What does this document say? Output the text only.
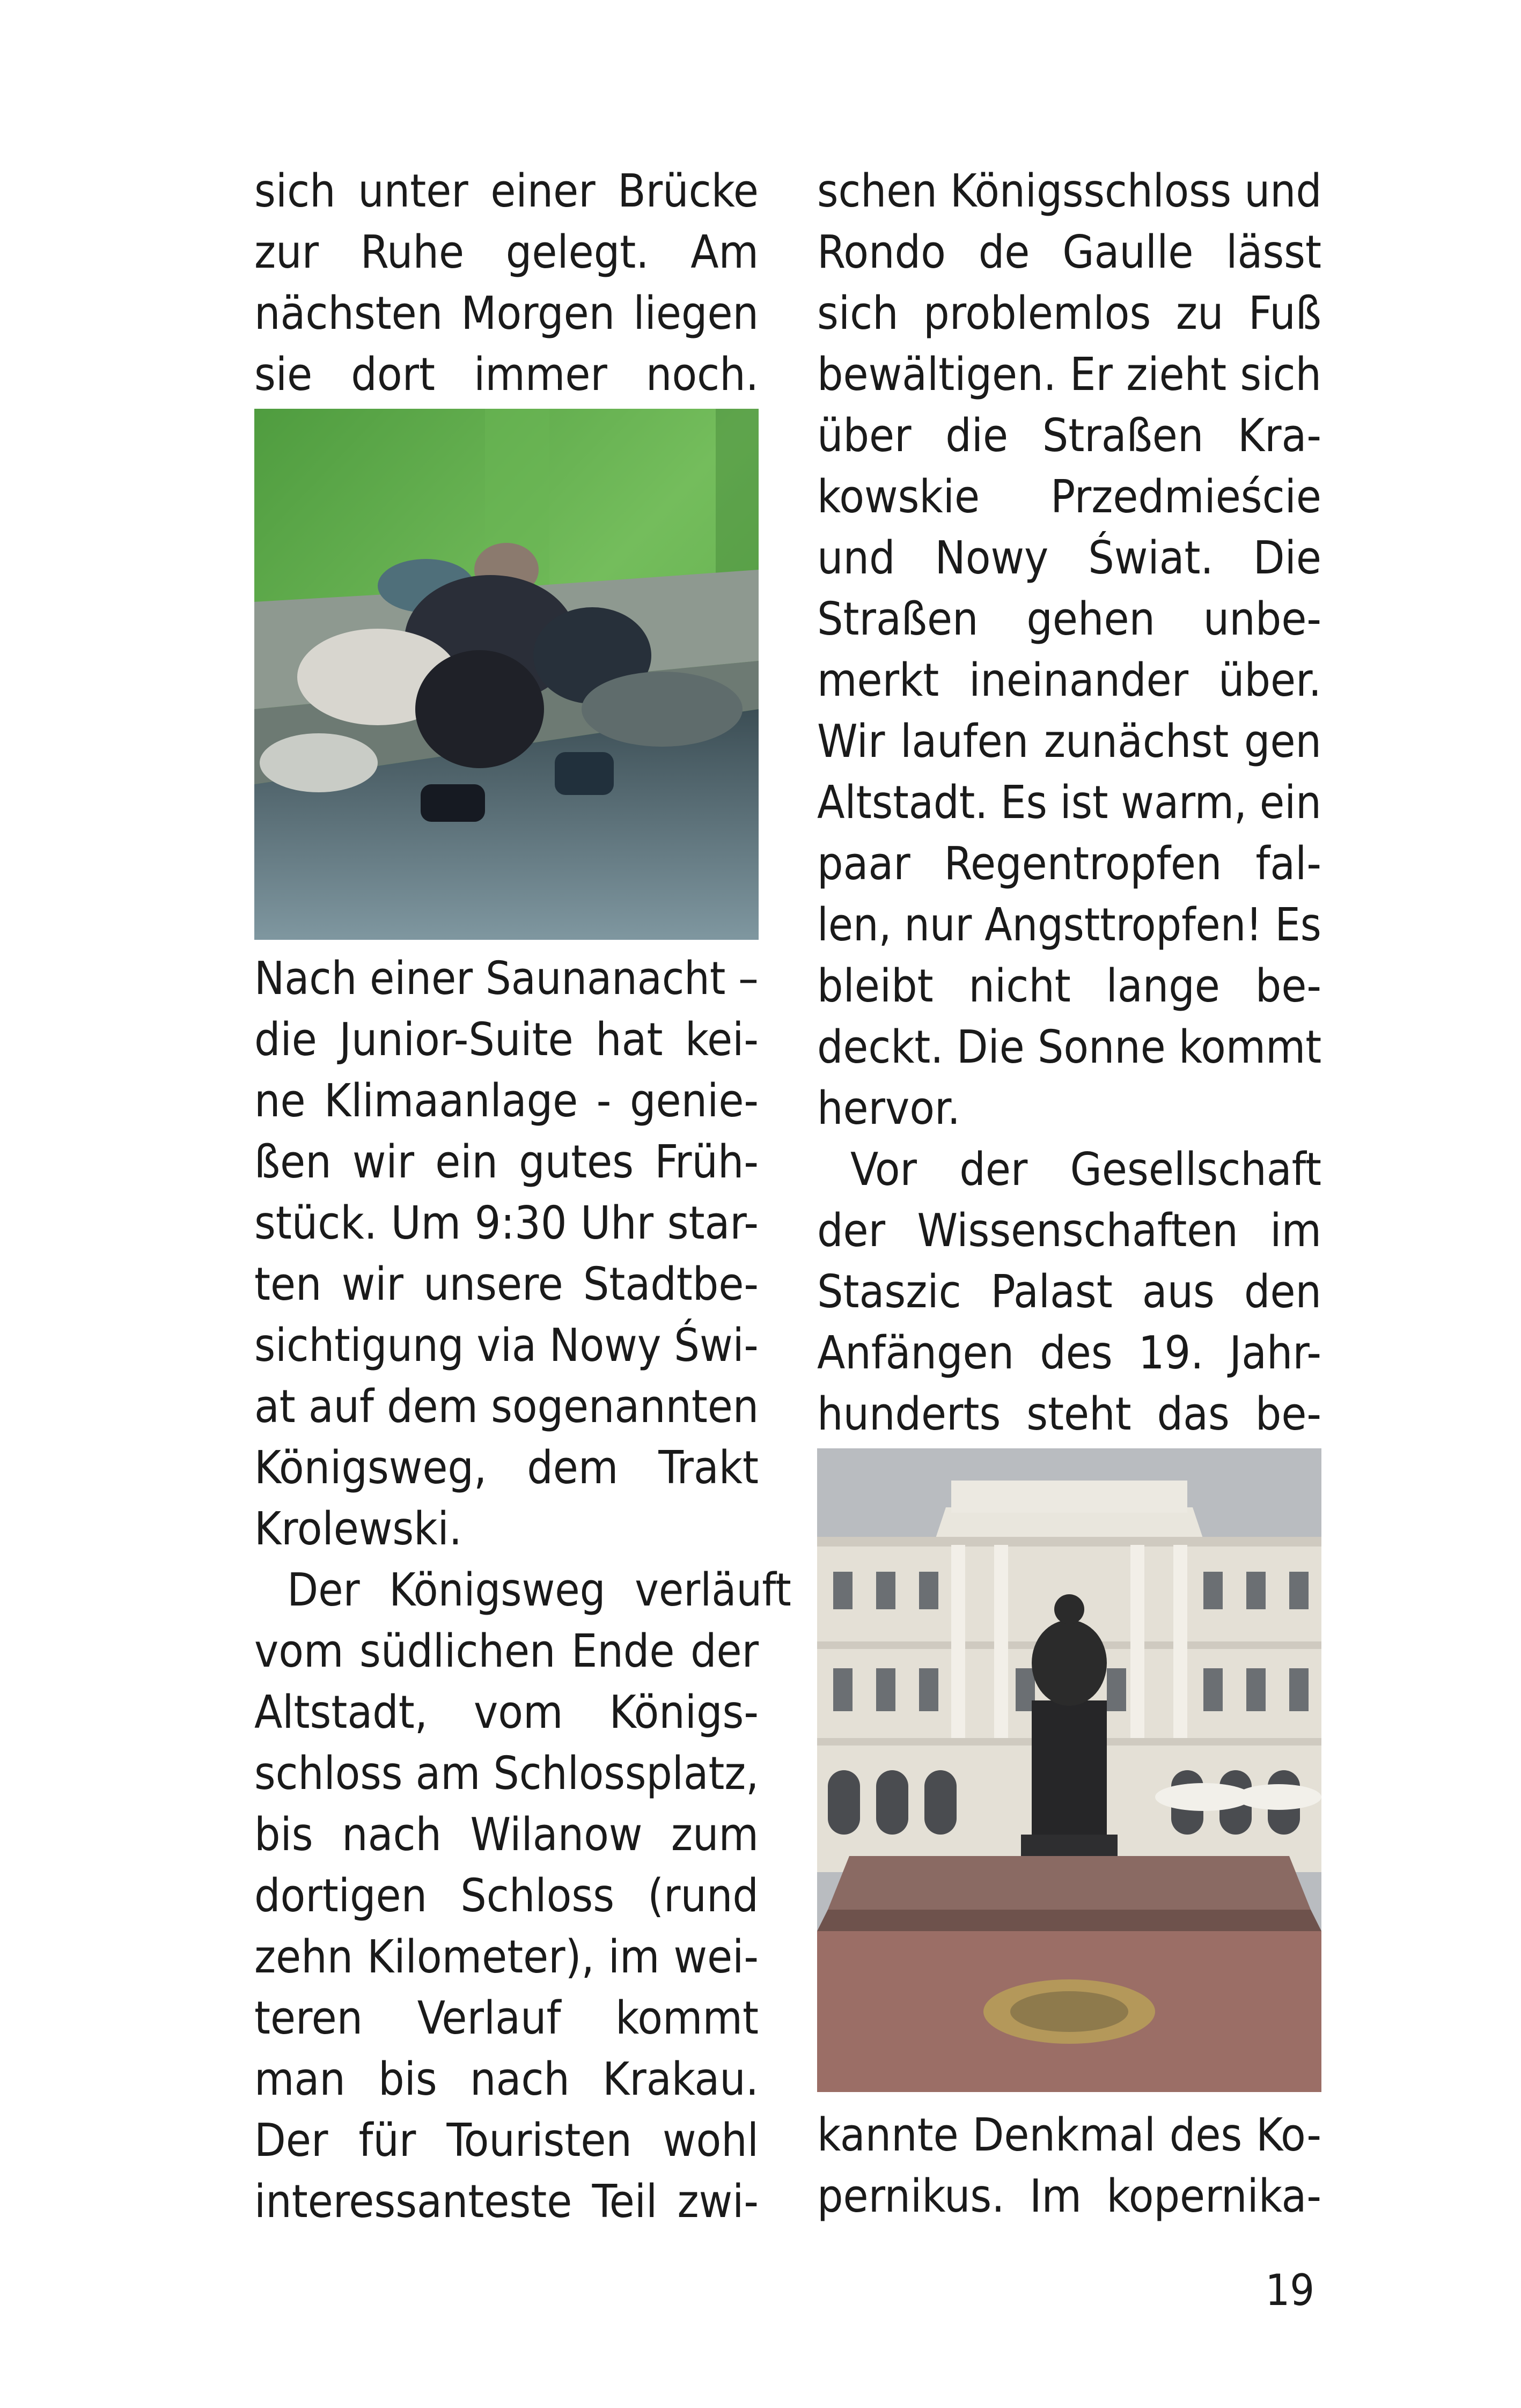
sich unter einer Brücke
zur Ruhe gelegt. Am
nächsten Morgen liegen
sie dort immer noch.
Nach einer Saunanacht –
die Junior-Suite hat kei-
ne Klimaanlage - genie-
ßen wir ein gutes Früh-
stück. Um 9:30 Uhr star-
ten wir unsere Stadtbe-
sichtigung via Nowy Świ-
at auf dem sogenannten
Königsweg, dem Trakt
Krolewski.
Der Königsweg verläuft
vom südlichen Ende der
Altstadt, vom Königs-
schloss am Schlossplatz,
bis nach Wilanow zum
dortigen Schloss (rund
zehn Kilometer), im wei-
teren Verlauf kommt
man bis nach Krakau.
Der für Touristen wohl
interessanteste Teil zwi-
schen Königsschloss und
Rondo de Gaulle lässt
sich problemlos zu Fuß
bewältigen. Er zieht sich
über die Straßen Kra-
kowskie Przedmieście
und Nowy Świat. Die
Straßen gehen unbe-
merkt ineinander über.
Wir laufen zunächst gen
Altstadt. Es ist warm, ein
paar Regentropfen fal-
len, nur Angsttropfen! Es
bleibt nicht lange be-
deckt. Die Sonne kommt
hervor.
Vor der Gesellschaft
der Wissenschaften im
Staszic Palast aus den
Anfängen des 19. Jahr-
hunderts steht das be-
kannte Denkmal des Ko-
pernikus. Im kopernika-
19
